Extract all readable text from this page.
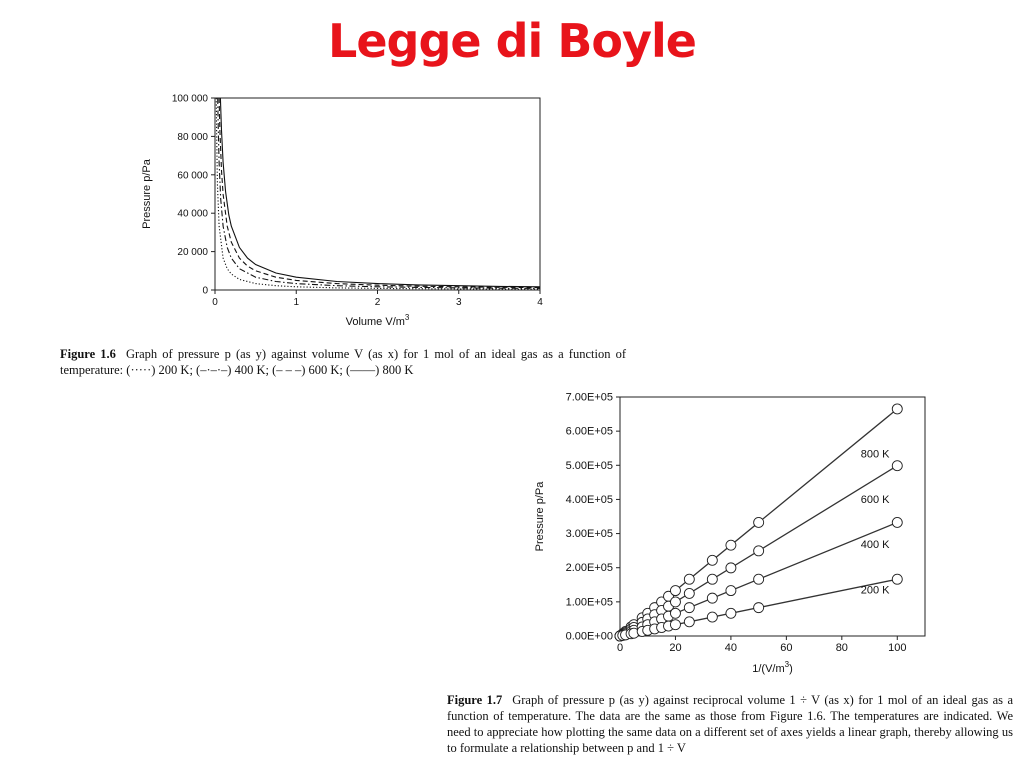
Legge di Boyle
0	1	2	3	4
0
20 000
40 000
60 000
80 000
100 000
Volume $V/m^3$
Pressure p/Pa

Figure 1.6 Graph of pressure p (as y) against volume V (as x) for 1 mol of an ideal gas as a function of temperature: (·····) 200 K; (–·–·–) 400 K; (– – –) 600 K; (——) 800 K

0	20	40	60	80	100
0.00E+00
1.00E+05
2.00E+05
3.00E+05
4.00E+05
5.00E+05
6.00E+05
7.00E+05
800 K
600 K
400 K
200 K
$1/(V/m^3)$
Pressure p/Pa

Figure 1.7 Graph of pressure p (as y) against reciprocal volume 1 ÷ V (as x) for 1 mol of an ideal gas as a function of temperature. The data are the same as those from Figure 1.6. The temperatures are indicated. We need to appreciate how plotting the same data on a different set of axes yields a linear graph, thereby allowing us to formulate a relationship between p and 1 ÷ V
